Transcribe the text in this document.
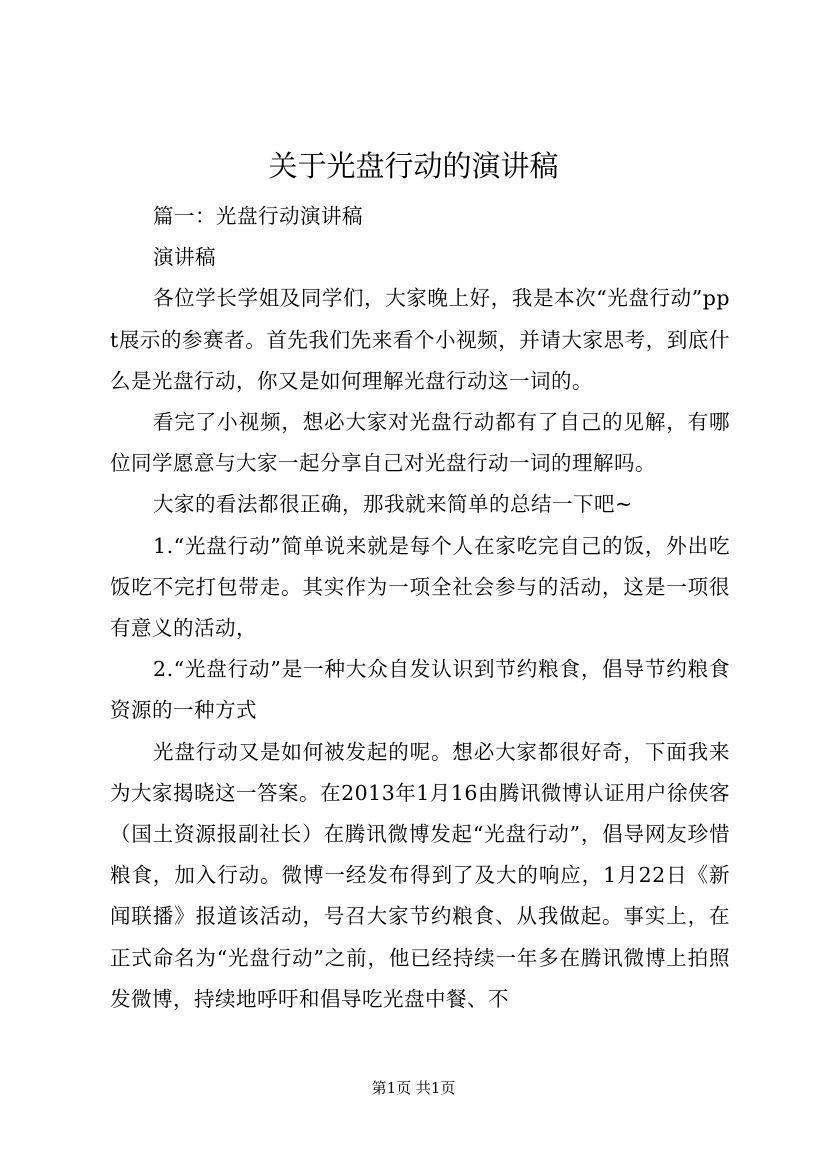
关于光盘行动的演讲稿

篇一：光盘行动演讲稿

演讲稿

各位学长学姐及同学们，大家晚上好，我是本次“光盘行动”ppt展示的参赛者。首先我们先来看个小视频，并请大家思考，到底什么是光盘行动，你又是如何理解光盘行动这一词的。

看完了小视频，想必大家对光盘行动都有了自己的见解，有哪位同学愿意与大家一起分享自己对光盘行动一词的理解吗。

大家的看法都很正确，那我就来简单的总结一下吧~

1.“光盘行动”简单说来就是每个人在家吃完自己的饭，外出吃饭吃不完打包带走。其实作为一项全社会参与的活动，这是一项很有意义的活动，

2.“光盘行动”是一种大众自发认识到节约粮食，倡导节约粮食资源的一种方式

光盘行动又是如何被发起的呢。想必大家都很好奇，下面我来为大家揭晓这一答案。在2013年1月16由腾讯微博认证用户徐侠客（国土资源报副社长）在腾讯微博发起“光盘行动”，倡导网友珍惜粮食，加入行动。微博一经发布得到了及大的响应，1月22日《新闻联播》报道该活动，号召大家节约粮食、从我做起。事实上，在正式命名为“光盘行动”之前，他已经持续一年多在腾讯微博上拍照发微博，持续地呼吁和倡导吃光盘中餐、不

第1页 共1页
